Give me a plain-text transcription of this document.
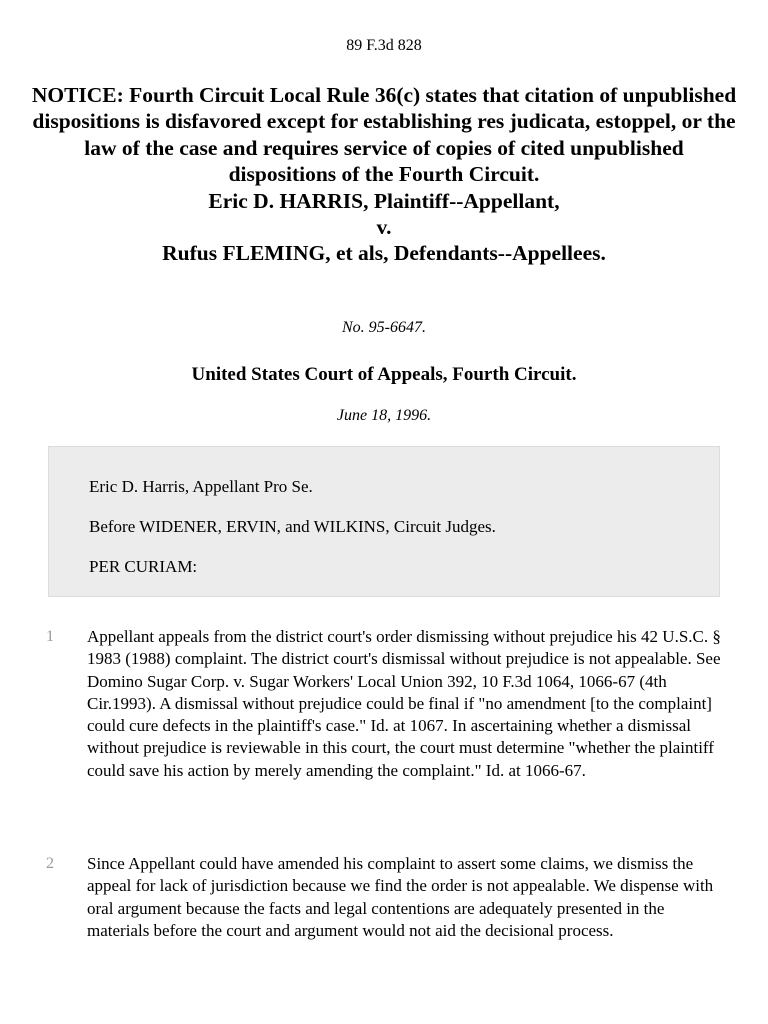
89 F.3d 828
NOTICE: Fourth Circuit Local Rule 36(c) states that citation of unpublished dispositions is disfavored except for establishing res judicata, estoppel, or the law of the case and requires service of copies of cited unpublished dispositions of the Fourth Circuit.
Eric D. HARRIS, Plaintiff--Appellant,
v.
Rufus FLEMING, et als, Defendants--Appellees.
No. 95-6647.
United States Court of Appeals, Fourth Circuit.
June 18, 1996.

Eric D. Harris, Appellant Pro Se.

Before WIDENER, ERVIN, and WILKINS, Circuit Judges.

PER CURIAM:

1 Appellant appeals from the district court's order dismissing without prejudice his 42 U.S.C. § 1983 (1988) complaint. The district court's dismissal without prejudice is not appealable. See Domino Sugar Corp. v. Sugar Workers' Local Union 392, 10 F.3d 1064, 1066-67 (4th Cir.1993). A dismissal without prejudice could be final if "no amendment [to the complaint] could cure defects in the plaintiff's case." Id. at 1067. In ascertaining whether a dismissal without prejudice is reviewable in this court, the court must determine "whether the plaintiff could save his action by merely amending the complaint." Id. at 1066-67.
2 Since Appellant could have amended his complaint to assert some claims, we dismiss the appeal for lack of jurisdiction because we find the order is not appealable. We dispense with oral argument because the facts and legal contentions are adequately presented in the materials before the court and argument would not aid the decisional process.
